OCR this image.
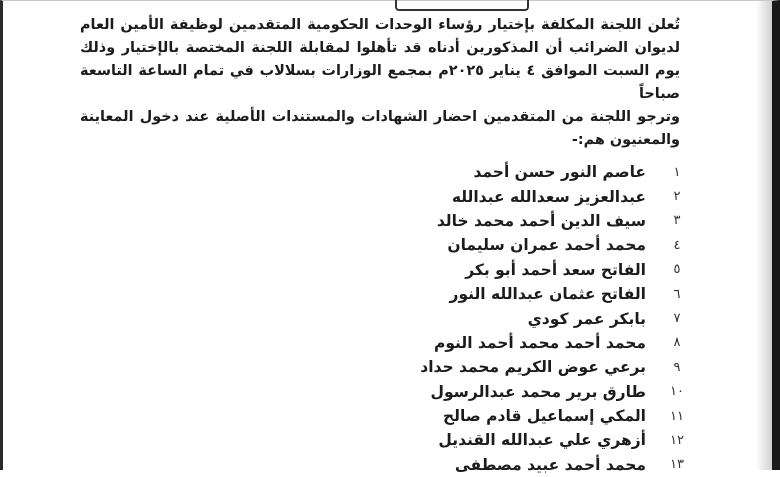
تُعلن اللجنة المكلفة بإختيار رؤساء الوحدات الحكومية المتقدمين لوظيفة الأمين العام لديوان الضرائب أن المذكورين أدناه قد تأهلوا لمقابلة اللجنة المختصة بالإختيار وذلك يوم السبت الموافق ٤ يناير ٢٠٢٥م بمجمع الوزارات بسلالاب في تمام الساعة التاسعة صباحاً

وترجو اللجنة من المتقدمين احضار الشهادات والمستندات الأصلية عند دخول المعاينة والمعنيون هم:-

١
عاصم النور حسن أحمد
٢
عبدالعزيز سعدالله عبدالله
٣
سيف الدين أحمد محمد خالد
٤
محمد أحمد عمران سليمان
٥
الفاتح سعد أحمد أبو بكر
٦
الفاتح عثمان عبدالله النور
٧
بابكر عمر كودي
٨
محمد أحمد محمد أحمد النوم
٩
برعي عوض الكريم محمد حداد
١٠
طارق برير محمد عبدالرسول
١١
المكي إسماعيل قادم صالح
١٢
أزهري علي عبدالله القنديل
١٣
محمد أحمد عبيد مصطفى
